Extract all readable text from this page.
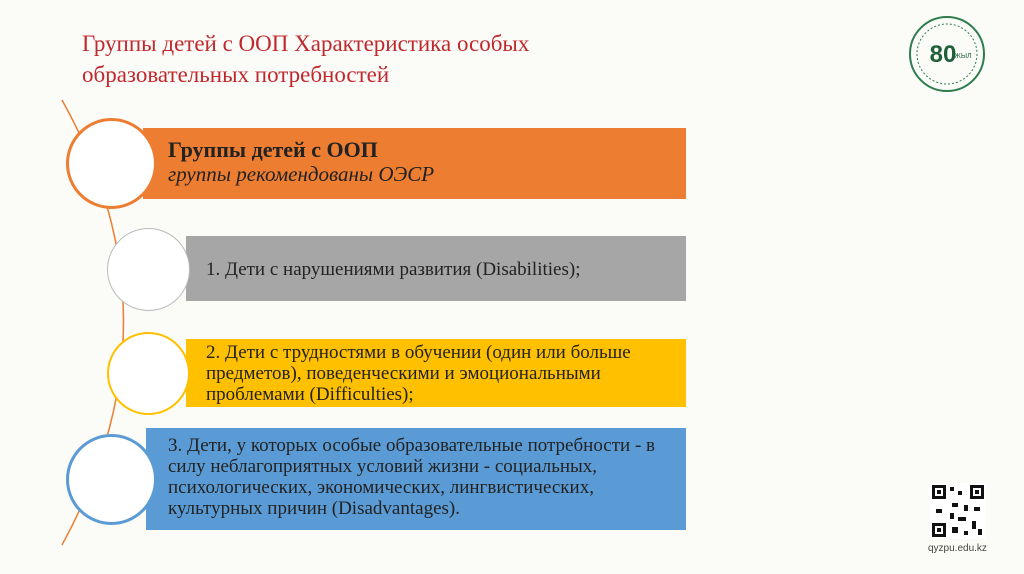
Группы детей с ООП Характеристика особых образовательных потребностей
80
ЖЫЛ
Группы детей с ООП
группы рекомендованы ОЭСР
1. Дети с нарушениями развития (Disabilities);
2. Дети с трудностями в обучении (один или больше предметов), поведенческими и эмоциональными проблемами (Difficulties);
3. Дети, у которых особые образовательные потребности - в силу неблагоприятных условий жизни - социальных, психологических, экономических, лингвистических, культурных причин (Disadvantages).
qyzpu.edu.kz
